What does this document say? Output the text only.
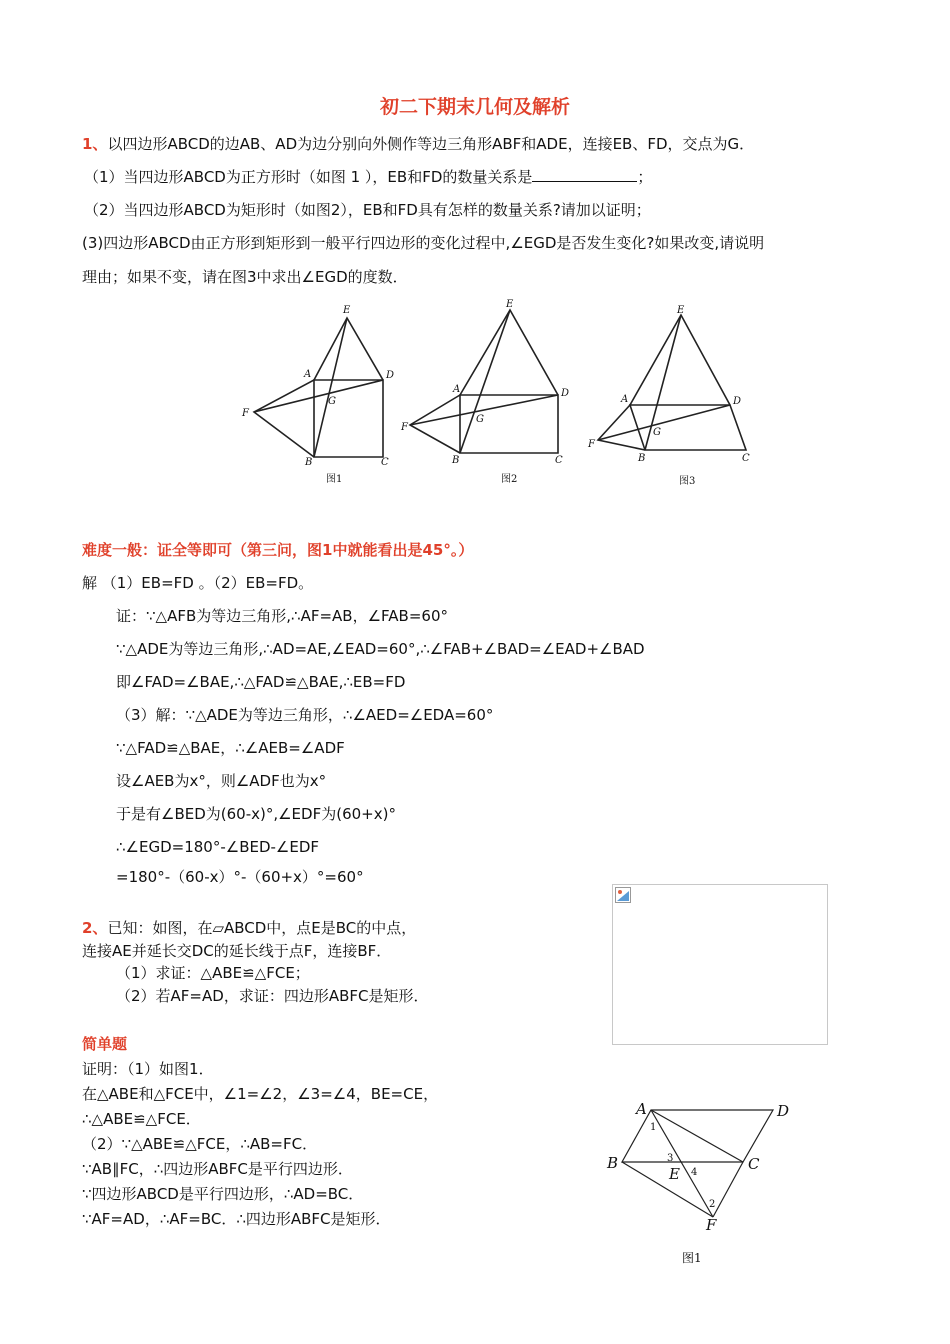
初二下期末几何及解析
1、以四边形ABCD的边AB、AD为边分别向外侧作等边三角形ABF和ADE，连接EB、FD，交点为G．
（1）当四边形ABCD为正方形时（如图 1 ），EB和FD的数量关系是	；
（2）当四边形ABCD为矩形时（如图2），EB和FD具有怎样的数量关系?请加以证明；
(3)四边形ABCD由正方形到矩形到一般平行四边形的变化过程中,∠EGD是否发生变化?如果改变,请说明
理由；如果不变，请在图3中求出∠EGD的度数．
E
A	D
F
G
B	C
E
A	D
F
G
B	C
E
A	D
F
G
B	C
图1	图2	图3
难度一般：证全等即可（第三问，图1中就能看出是45°。）
解 （1）EB=FD 。（2）EB=FD。
证：∵△AFB为等边三角形,∴AF=AB，∠FAB=60°
∵△ADE为等边三角形,∴AD=AE,∠EAD=60°,∴∠FAB+∠BAD=∠EAD+∠BAD
即∠FAD=∠BAE,∴△FAD≌△BAE,∴EB=FD
（3）解：∵△ADE为等边三角形，∴∠AED=∠EDA=60°
∵△FAD≌△BAE，∴∠AEB=∠ADF
设∠AEB为x°，则∠ADF也为x°
于是有∠BED为(60-x)°,∠EDF为(60+x)°
∴∠EGD=180°-∠BED-∠EDF
=180°-（60-x）°-（60+x）°=60°
2、已知：如图，在▱ABCD中，点E是BC的中点，
连接AE并延长交DC的延长线于点F，连接BF．
（1）求证：△ABE≌△FCE；
（2）若AF=AD，求证：四边形ABFC是矩形．
简单题
证明：（1）如图1．
在△ABE和△FCE中，∠1=∠2，∠3=∠4，BE=CE，
∴△ABE≌△FCE．
（2）∵△ABE≌△FCE，∴AB=FC．
∵AB∥FC，∴四边形ABFC是平行四边形．
∵四边形ABCD是平行四边形，∴AD=BC．
∵AF=AD，∴AF=BC．∴四边形ABFC是矩形．
A	D
B	C
E
F
1
2
3
4
图1
